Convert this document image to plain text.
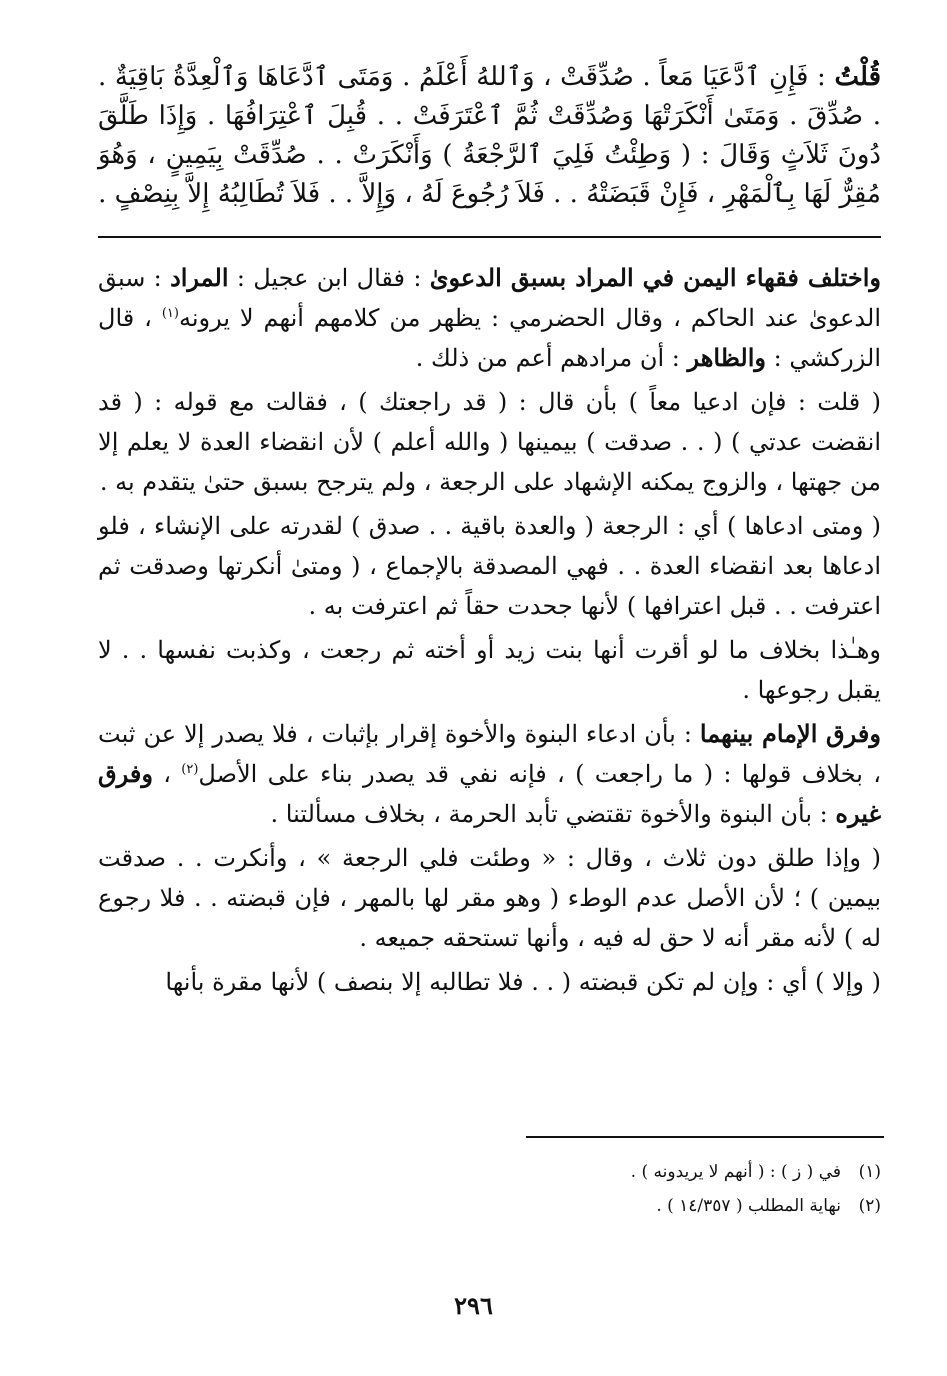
قُلْتُ : فَإِنِ ٱدَّعَيَا مَعاً . صُدِّقَتْ ، وَٱللهُ أَعْلَمُ . وَمَتَى ٱدَّعَاهَا وَٱلْعِدَّةُ بَاقِيَةٌ . . صُدِّقَ . وَمَتَىٰ أَنْكَرَتْهَا وَصُدِّقَتْ ثُمَّ ٱعْتَرَفَتْ . . قُبِلَ ٱعْتِرَافُهَا . وَإِذَا طَلَّقَ دُونَ ثَلاَثٍ وَقَالَ : ( وَطِئْتُ فَلِيَ ٱلرَّجْعَةُ ) وَأَنْكَرَتْ . . صُدِّقَتْ بِيَمِينٍ ، وَهُوَ مُقِرٌّ لَهَا بِٱلْمَهْرِ ، فَإِنْ قَبَضَتْهُ . . فَلاَ رُجُوعَ لَهُ ، وَإِلاَّ . . فَلاَ تُطَالِبُهُ إِلاَّ بِنِصْفٍ .

واختلف فقهاء اليمن في المراد بسبق الدعوىٰ : فقال ابن عجيل : المراد : سبق الدعوىٰ عند الحاكم ، وقال الحضرمي : يظهر من كلامهم أنهم لا يرونه$^{(١)}$ ، قال الزركشي : والظاهر : أن مرادهم أعم من ذلك .

( قلت : فإن ادعيا معاً ) بأن قال : ( قد راجعتك ) ، فقالت مع قوله : ( قد انقضت عدتي ) ( . . صدقت ) بيمينها ( والله أعلم ) لأن انقضاء العدة لا يعلم إلا من جهتها ، والزوج يمكنه الإشهاد على الرجعة ، ولم يترجح بسبق حتىٰ يتقدم به .

( ومتى ادعاها ) أي : الرجعة ( والعدة باقية . . صدق ) لقدرته على الإنشاء ، فلو ادعاها بعد انقضاء العدة . . فهي المصدقة بالإجماع ، ( ومتىٰ أنكرتها وصدقت ثم اعترفت . . قبل اعترافها ) لأنها جحدت حقاً ثم اعترفت به .

وهـٰذا بخلاف ما لو أقرت أنها بنت زيد أو أخته ثم رجعت ، وكذبت نفسها . . لا يقبل رجوعها .

وفرق الإمام بينهما : بأن ادعاء البنوة والأخوة إقرار بإثبات ، فلا يصدر إلا عن ثبت ، بخلاف قولها : ( ما راجعت ) ، فإنه نفي قد يصدر بناء على الأصل$^{(٢)}$ ، وفرق غيره : بأن البنوة والأخوة تقتضي تأبد الحرمة ، بخلاف مسألتنا .

( وإذا طلق دون ثلاث ، وقال : « وطئت فلي الرجعة » ، وأنكرت . . صدقت بيمين ) ؛ لأن الأصل عدم الوطء ( وهو مقر لها بالمهر ، فإن قبضته . . فلا رجوع له ) لأنه مقر أنه لا حق له فيه ، وأنها تستحقه جميعه .

( وإلا ) أي : وإن لم تكن قبضته ( . . فلا تطالبه إلا بنصف ) لأنها مقرة بأنها

(١)في ( ز ) : ( أنهم لا يريدونه ) .

(٢)نهاية المطلب ( ١٤/٣٥٧ ) .

٢٩٦
